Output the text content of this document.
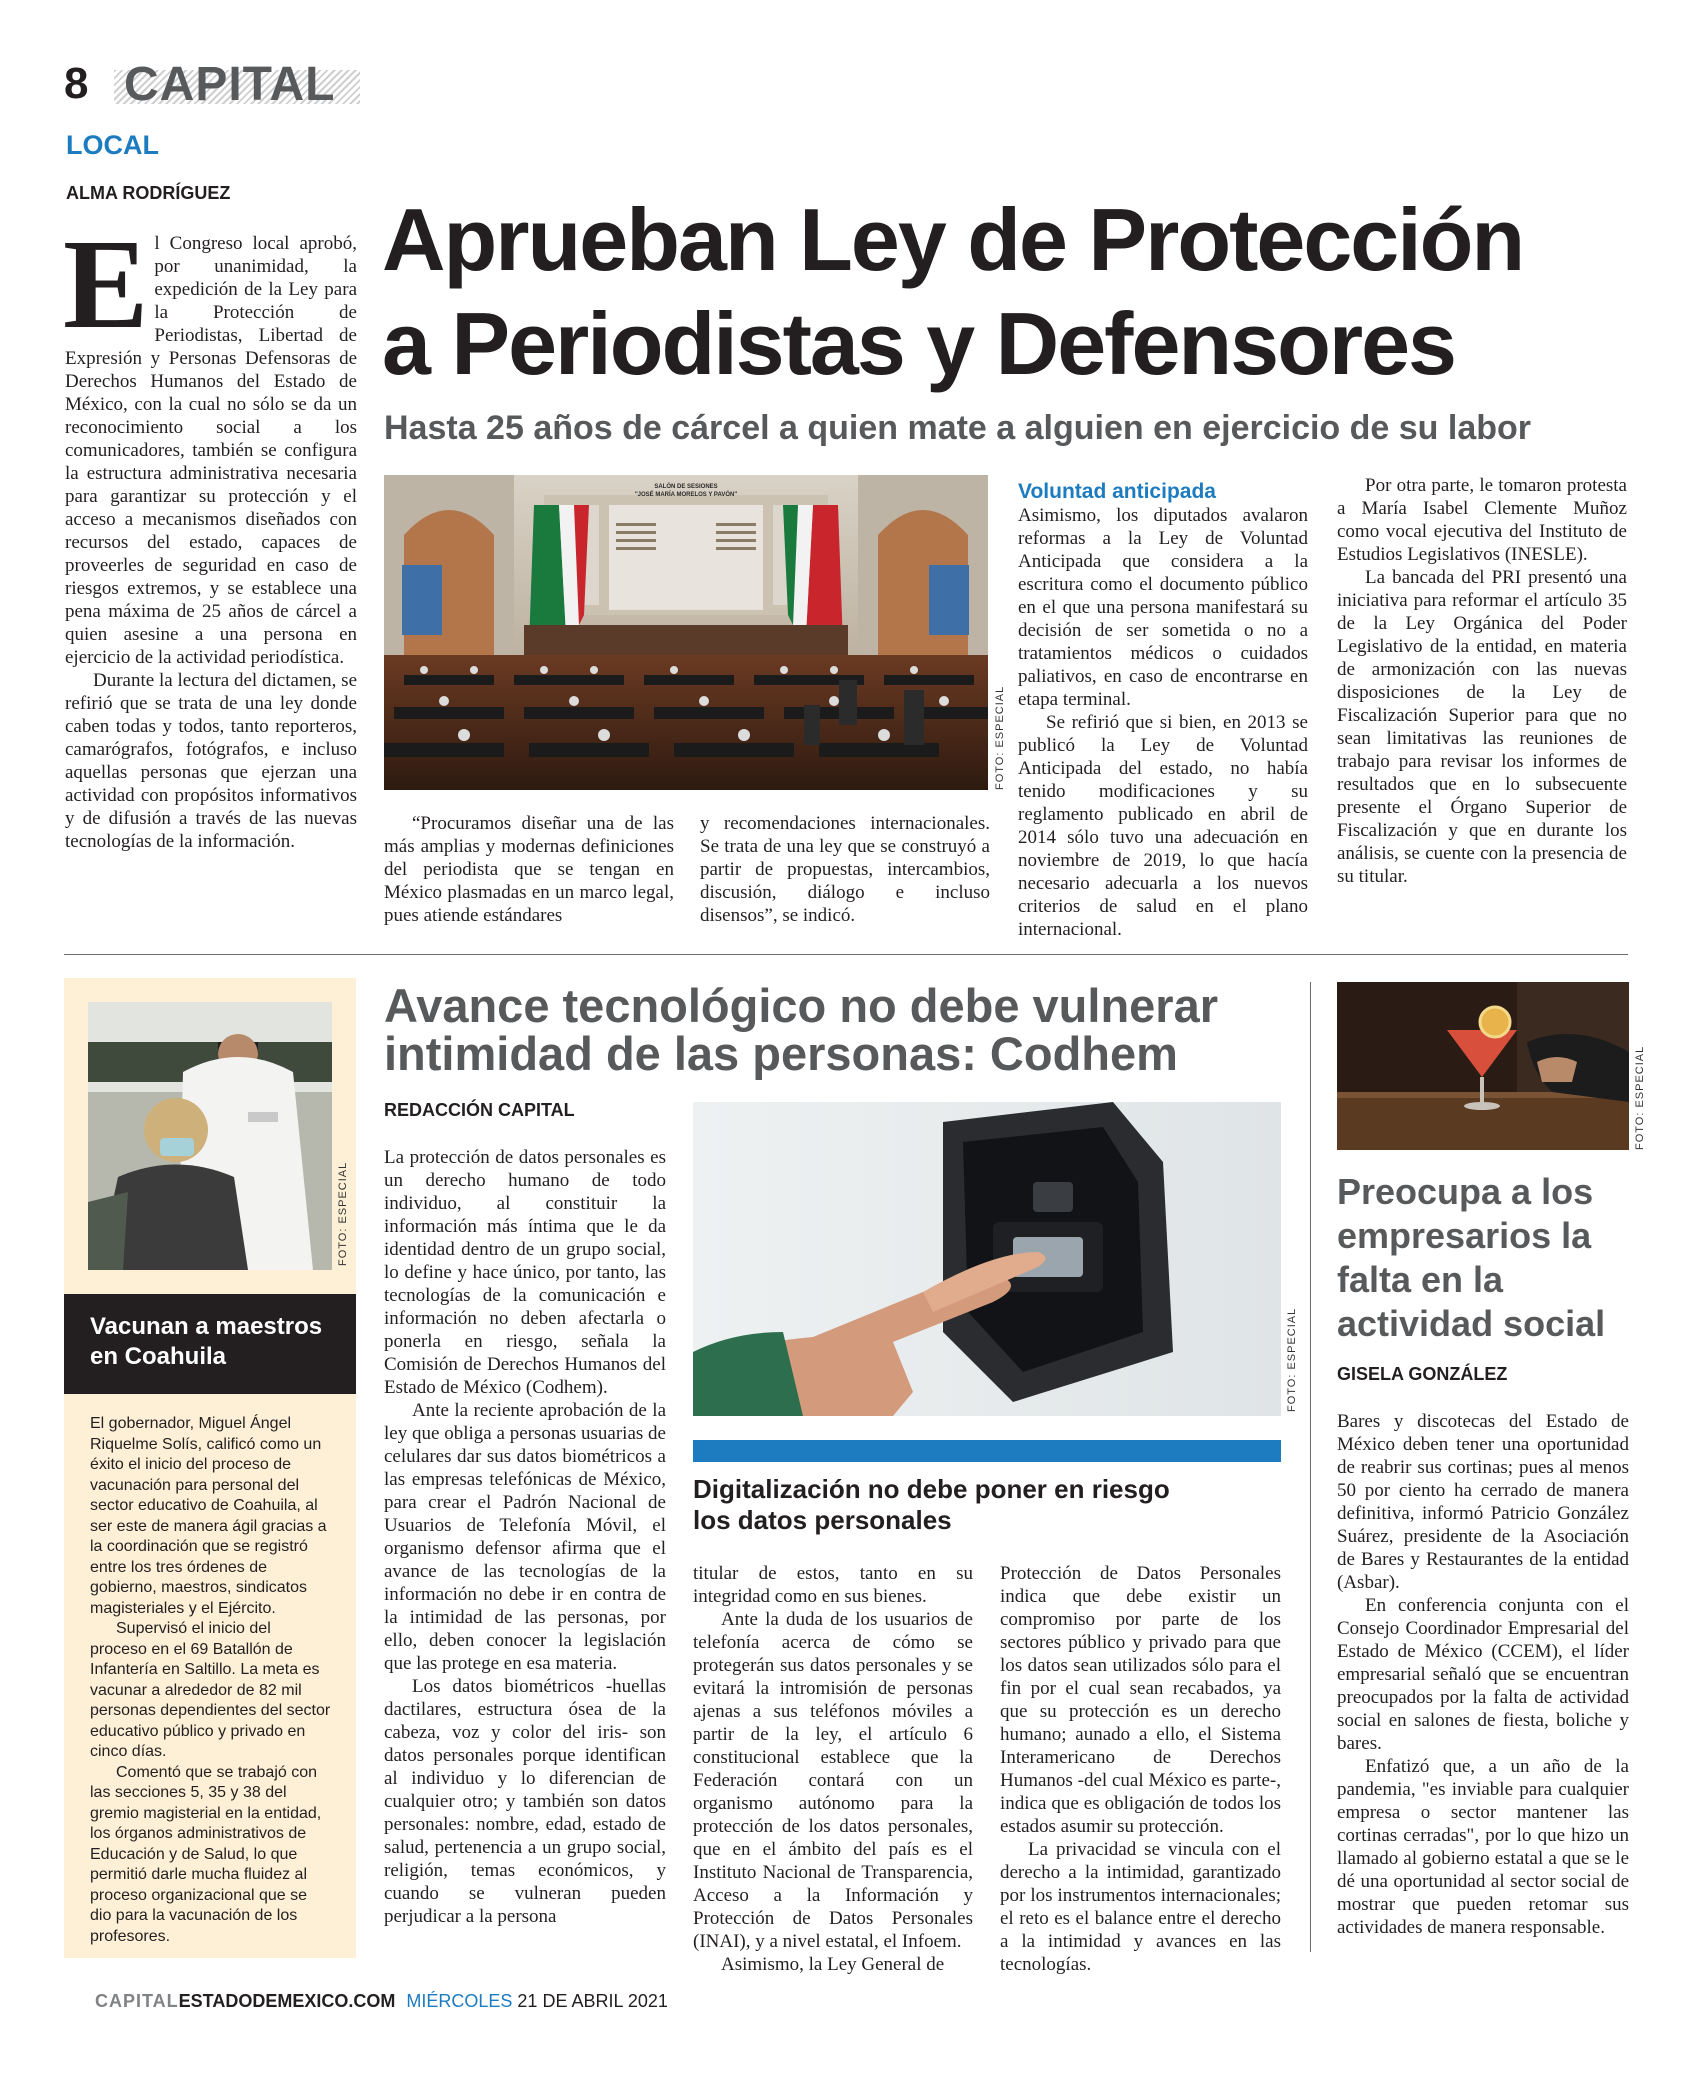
8 CAPITAL
LOCAL
ALMA RODRÍGUEZ Aprueban Ley de Protección
a Periodistas y Defensores
Hasta 25 años de cárcel a quien mate a alguien en ejercicio de su labor

El Congreso local aprobó, por unanimidad, la expedición de la Ley para la Protección de Periodistas, Libertad de Expresión y Personas Defensoras de Derechos Humanos del Estado de México, con la cual no sólo se da un reconocimiento social a los comunicadores, también se configura la estructura administrativa necesaria para garantizar su protección y el acceso a mecanismos diseñados con recursos del estado, capaces de proveerles de seguridad en caso de riesgos extremos, y se establece una pena máxima de 25 años de cárcel a quien asesine a una persona en ejercicio de la actividad periodística.

Durante la lectura del dictamen, se refirió que se trata de una ley donde caben todas y todos, tanto reporteros, camarógrafos, fotógrafos, e incluso aquellas personas que ejerzan una actividad con propósitos informativos y de difusión a través de las nuevas tecnologías de la información.

SALÓN DE SESIONES
"JOSÉ MARÍA MORELOS Y PAVÓN"
FOTO: ESPECIAL

“Procuramos diseñar una de las más amplias y modernas definiciones del periodista que se tengan en México plasmadas en un marco legal, pues atiende estándares

y recomendaciones internacionales. Se trata de una ley que se construyó a partir de propuestas, intercambios, discusión, diálogo e incluso disensos”, se indicó.

Voluntad anticipada

Asimismo, los diputados avalaron reformas a la Ley de Voluntad Anticipada que considera a la escritura como el documento público en el que una persona manifestará su decisión de ser sometida o no a tratamientos médicos o cuidados paliativos, en caso de encontrarse en etapa terminal.

Se refirió que si bien, en 2013 se publicó la Ley de Voluntad Anticipada del estado, no había tenido modificaciones y su reglamento publicado en abril de 2014 sólo tuvo una adecuación en noviembre de 2019, lo que hacía necesario adecuarla a los nuevos criterios de salud en el plano internacional.

Por otra parte, le tomaron protesta a María Isabel Clemente Muñoz como vocal ejecutiva del Instituto de Estudios Legislativos (INESLE).

La bancada del PRI presentó una iniciativa para reformar el artículo 35 de la Ley Orgánica del Poder Legislativo de la entidad, en materia de armonización con las nuevas disposiciones de la Ley de Fiscalización Superior para que no sean limitativas las reuniones de trabajo para revisar los informes de resultados que en lo subsecuente presente el Órgano Superior de Fiscalización y que en durante los análisis, se cuente con la presencia de su titular.

FOTO: ESPECIAL
Vacunan a maestros
en Coahuila

El gobernador, Miguel Ángel Riquelme Solís, calificó como un éxito el inicio del proceso de vacunación para personal del sector educativo de Coahuila, al ser este de manera ágil gracias a la coordinación que se registró entre los tres órdenes de gobierno, maestros, sindicatos magisteriales y el Ejército.

Supervisó el inicio del proceso en el 69 Batallón de Infantería en Saltillo. La meta es vacunar a alrededor de 82 mil personas dependientes del sector educativo público y privado en cinco días.

Comentó que se trabajó con las secciones 5, 35 y 38 del gremio magisterial en la entidad, los órganos administrativos de Educación y de Salud, lo que permitió darle mucha fluidez al proceso organizacional que se dio para la vacunación de los profesores.

Avance tecnológico no debe vulnerar
intimidad de las personas: Codhem
REDACCIÓN CAPITAL

La protección de datos personales es un derecho humano de todo individuo, al constituir la información más íntima que le da identidad dentro de un grupo social, lo define y hace único, por tanto, las tecnologías de la comunicación e información no deben afectarla o ponerla en riesgo, señala la Comisión de Derechos Humanos del Estado de México (Codhem).

Ante la reciente aprobación de la ley que obliga a personas usuarias de celulares dar sus datos biométricos a las empresas telefónicas de México, para crear el Padrón Nacional de Usuarios de Telefonía Móvil, el organismo defensor afirma que el avance de las tecnologías de la información no debe ir en contra de la intimidad de las personas, por ello, deben conocer la legislación que las protege en esa materia.

Los datos biométricos -huellas dactilares, estructura ósea de la cabeza, voz y color del iris- son datos personales porque identifican al individuo y lo diferencian de cualquier otro; y también son datos personales: nombre, edad, estado de salud, pertenencia a un grupo social, religión, temas económicos, y cuando se vulneran pueden perjudicar a la persona

FOTO: ESPECIAL
Digitalización no debe poner en riesgo
los datos personales

titular de estos, tanto en su integridad como en sus bienes.

Ante la duda de los usuarios de telefonía acerca de cómo se protegerán sus datos personales y se evitará la intromisión de personas ajenas a sus teléfonos móviles a partir de la ley, el artículo 6 constitucional establece que la Federación contará con un organismo autónomo para la protección de los datos personales, que en el ámbito del país es el Instituto Nacional de Transparencia, Acceso a la Información y Protección de Datos Personales (INAI), y a nivel estatal, el Infoem.

Asimismo, la Ley General de

Protección de Datos Personales indica que debe existir un compromiso por parte de los sectores público y privado para que los datos sean utilizados sólo para el fin por el cual sean recabados, ya que su protección es un derecho humano; aunado a ello, el Sistema Interamericano de Derechos Humanos -del cual México es parte-, indica que es obligación de todos los estados asumir su protección.

La privacidad se vincula con el derecho a la intimidad, garantizado por los instrumentos internacionales; el reto es el balance entre el derecho a la intimidad y avances en las tecnologías.

FOTO: ESPECIAL
Preocupa a los
empresarios la
falta en la
actividad social
GISELA GONZÁLEZ

Bares y discotecas del Estado de México deben tener una oportunidad de reabrir sus cortinas; pues al menos 50 por ciento ha cerrado de manera definitiva, informó Patricio González Suárez, presidente de la Asociación de Bares y Restaurantes de la entidad (Asbar).

En conferencia conjunta con el Consejo Coordinador Empresarial del Estado de México (CCEM), el líder empresarial señaló que se encuentran preocupados por la falta de actividad social en salones de fiesta, boliche y bares.

Enfatizó que, a un año de la pandemia, "es inviable para cualquier empresa o sector mantener las cortinas cerradas", por lo que hizo un llamado al gobierno estatal a que se le dé una oportunidad al sector social de mostrar que pueden retomar sus actividades de manera responsable.

CAPITALESTADODEMEXICO.COM MIÉRCOLES 21 DE ABRIL 2021
